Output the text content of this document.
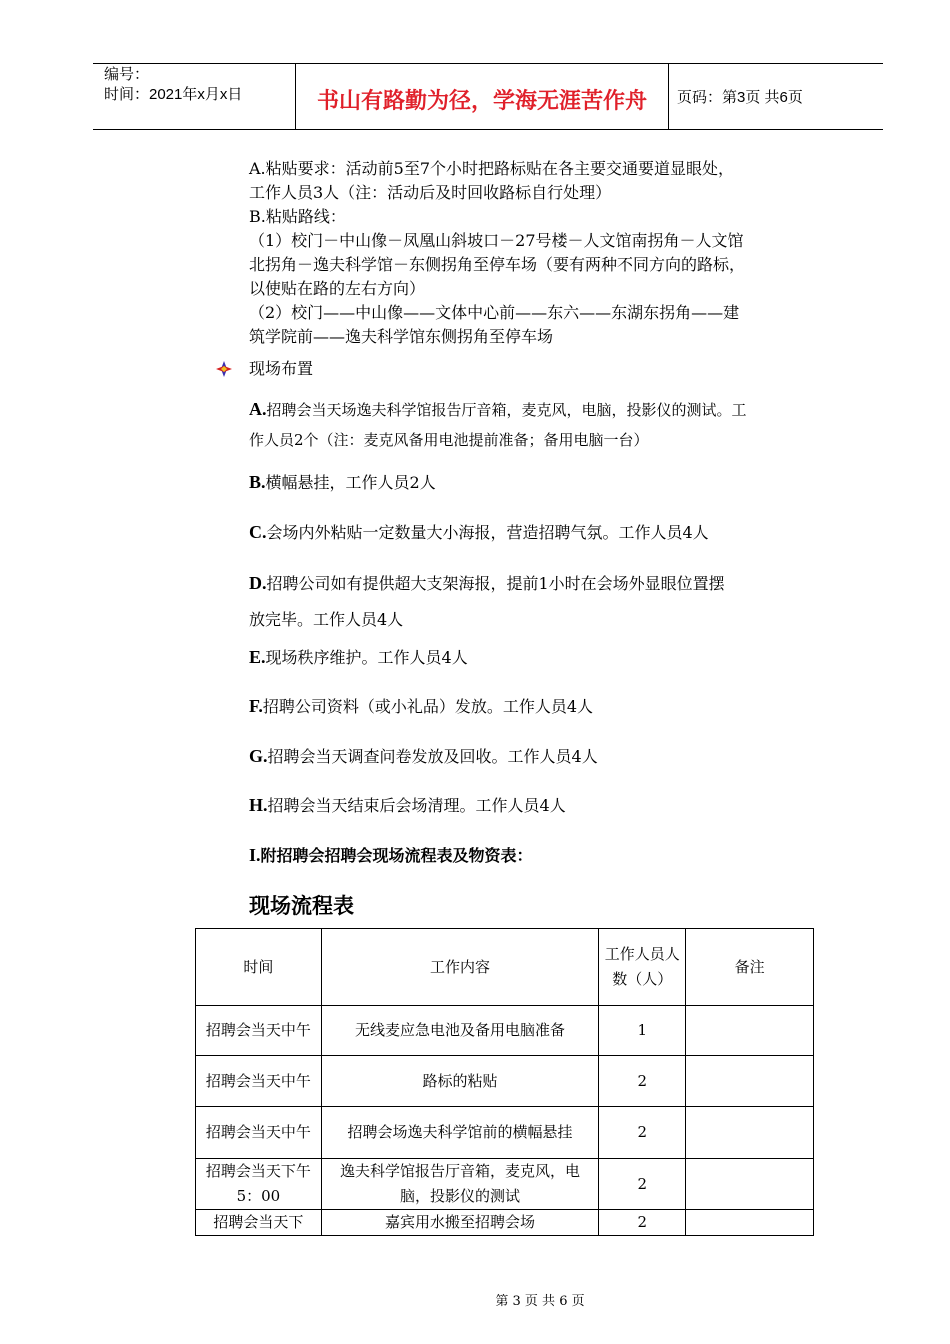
编号：
时间：2021年x月x日	书山有路勤为径，学海无涯苦作舟	页码：第3页 共6页
A.粘贴要求：活动前5至7个小时把路标贴在各主要交通要道显眼处，
工作人员3人（注：活动后及时回收路标自行处理）
B.粘贴路线：
（1）校门－中山像－凤凰山斜坡口－27号楼－人文馆南拐角－人文馆
北拐角－逸夫科学馆－东侧拐角至停车场（要有两种不同方向的路标，
以使贴在路的左右方向）
（2）校门——中山像——文体中心前——东六——东湖东拐角——建
筑学院前——逸夫科学馆东侧拐角至停车场
现场布置
A.招聘会当天场逸夫科学馆报告厅音箱，麦克风，电脑，投影仪的测试。工
作人员2个（注：麦克风备用电池提前准备；备用电脑一台）
B.横幅悬挂，工作人员2人
C.会场内外粘贴一定数量大小海报，营造招聘气氛。工作人员4人
D.招聘公司如有提供超大支架海报，提前1小时在会场外显眼位置摆
放完毕。工作人员4人
E.现场秩序维护。工作人员4人
F.招聘公司资料（或小礼品）发放。工作人员4人
G.招聘会当天调查问卷发放及回收。工作人员4人
H.招聘会当天结束后会场清理。工作人员4人
I.附招聘会招聘会现场流程表及物资表：
现场流程表
时间	工作内容	工作人员人数（人）	备注
招聘会当天中午	无线麦应急电池及备用电脑准备	1	
招聘会当天中午	路标的粘贴	2	
招聘会当天中午	招聘会场逸夫科学馆前的横幅悬挂	2	
招聘会当天下午5：00	逸夫科学馆报告厅音箱，麦克风，电脑，投影仪的测试	2	
招聘会当天下	嘉宾用水搬至招聘会场	2	
第 3 页 共 6 页
